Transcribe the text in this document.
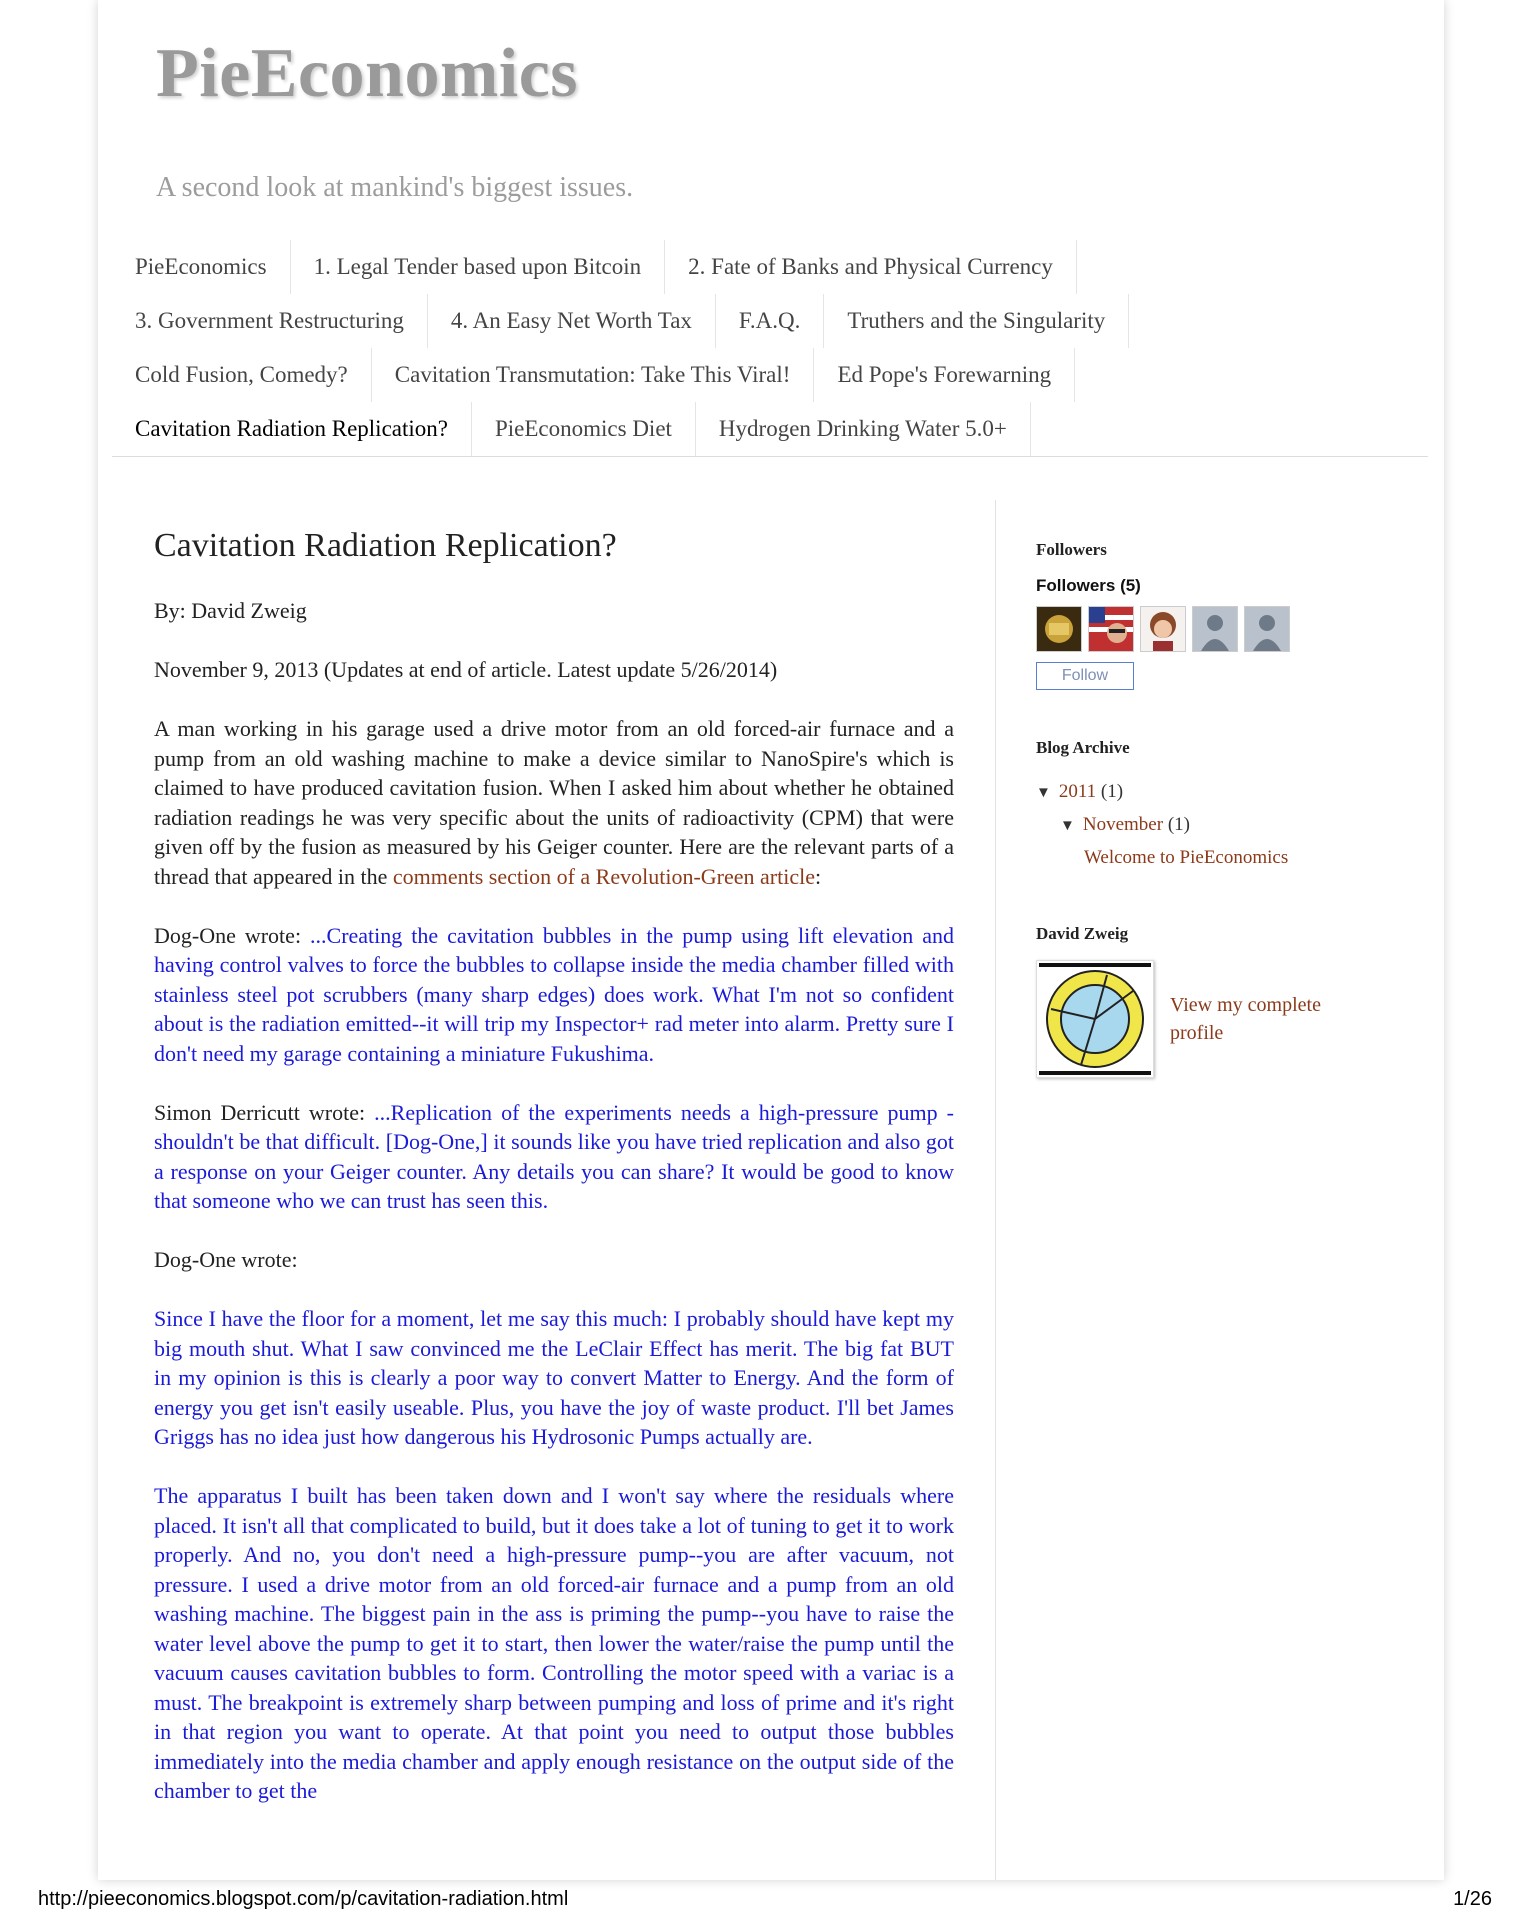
PieEconomics
A second look at mankind's biggest issues.
PieEconomics	1. Legal Tender based upon Bitcoin	2. Fate of Banks and Physical Currency
3. Government Restructuring	4. An Easy Net Worth Tax	F.A.Q.	Truthers and the Singularity
Cold Fusion, Comedy?	Cavitation Transmutation: Take This Viral!	Ed Pope's Forewarning
Cavitation Radiation Replication?	PieEconomics Diet	Hydrogen Drinking Water 5.0+
Cavitation Radiation Replication?

By: David Zweig

November 9, 2013 (Updates at end of article. Latest update 5/26/2014)

A man working in his garage used a drive motor from an old forced-air furnace and a pump from an old washing machine to make a device similar to NanoSpire's which is claimed to have produced cavitation fusion. When I asked him about whether he obtained radiation readings he was very specific about the units of radioactivity (CPM) that were given off by the fusion as measured by his Geiger counter. Here are the relevant parts of a thread that appeared in the comments section of a Revolution-Green article:

Dog-One wrote: ...Creating the cavitation bubbles in the pump using lift elevation and having control valves to force the bubbles to collapse inside the media chamber filled with stainless steel pot scrubbers (many sharp edges) does work. What I'm not so confident about is the radiation emitted--it will trip my Inspector+ rad meter into alarm. Pretty sure I don't need my garage containing a miniature Fukushima.

Simon Derricutt wrote: ...Replication of the experiments needs a high-pressure pump - shouldn't be that difficult. [Dog-One,] it sounds like you have tried replication and also got a response on your Geiger counter. Any details you can share? It would be good to know that someone who we can trust has seen this.

Dog-One wrote:

Since I have the floor for a moment, let me say this much: I probably should have kept my big mouth shut. What I saw convinced me the LeClair Effect has merit. The big fat BUT in my opinion is this is clearly a poor way to convert Matter to Energy. And the form of energy you get isn't easily useable. Plus, you have the joy of waste product. I'll bet James Griggs has no idea just how dangerous his Hydrosonic Pumps actually are.

The apparatus I built has been taken down and I won't say where the residuals where placed. It isn't all that complicated to build, but it does take a lot of tuning to get it to work properly. And no, you don't need a high-pressure pump--you are after vacuum, not pressure. I used a drive motor from an old forced-air furnace and a pump from an old washing machine. The biggest pain in the ass is priming the pump--you have to raise the water level above the pump to get it to start, then lower the water/raise the pump until the vacuum causes cavitation bubbles to form. Controlling the motor speed with a variac is a must. The breakpoint is extremely sharp between pumping and loss of prime and it's right in that region you want to operate. At that point you need to output those bubbles immediately into the media chamber and apply enough resistance on the output side of the chamber to get the

Followers
Followers (5)
Follow
Blog Archive
▼ 2011 (1)
▼ November (1)
Welcome to PieEconomics
David Zweig
View my complete profile
http://pieeconomics.blogspot.com/p/cavitation-radiation.html	1/26
